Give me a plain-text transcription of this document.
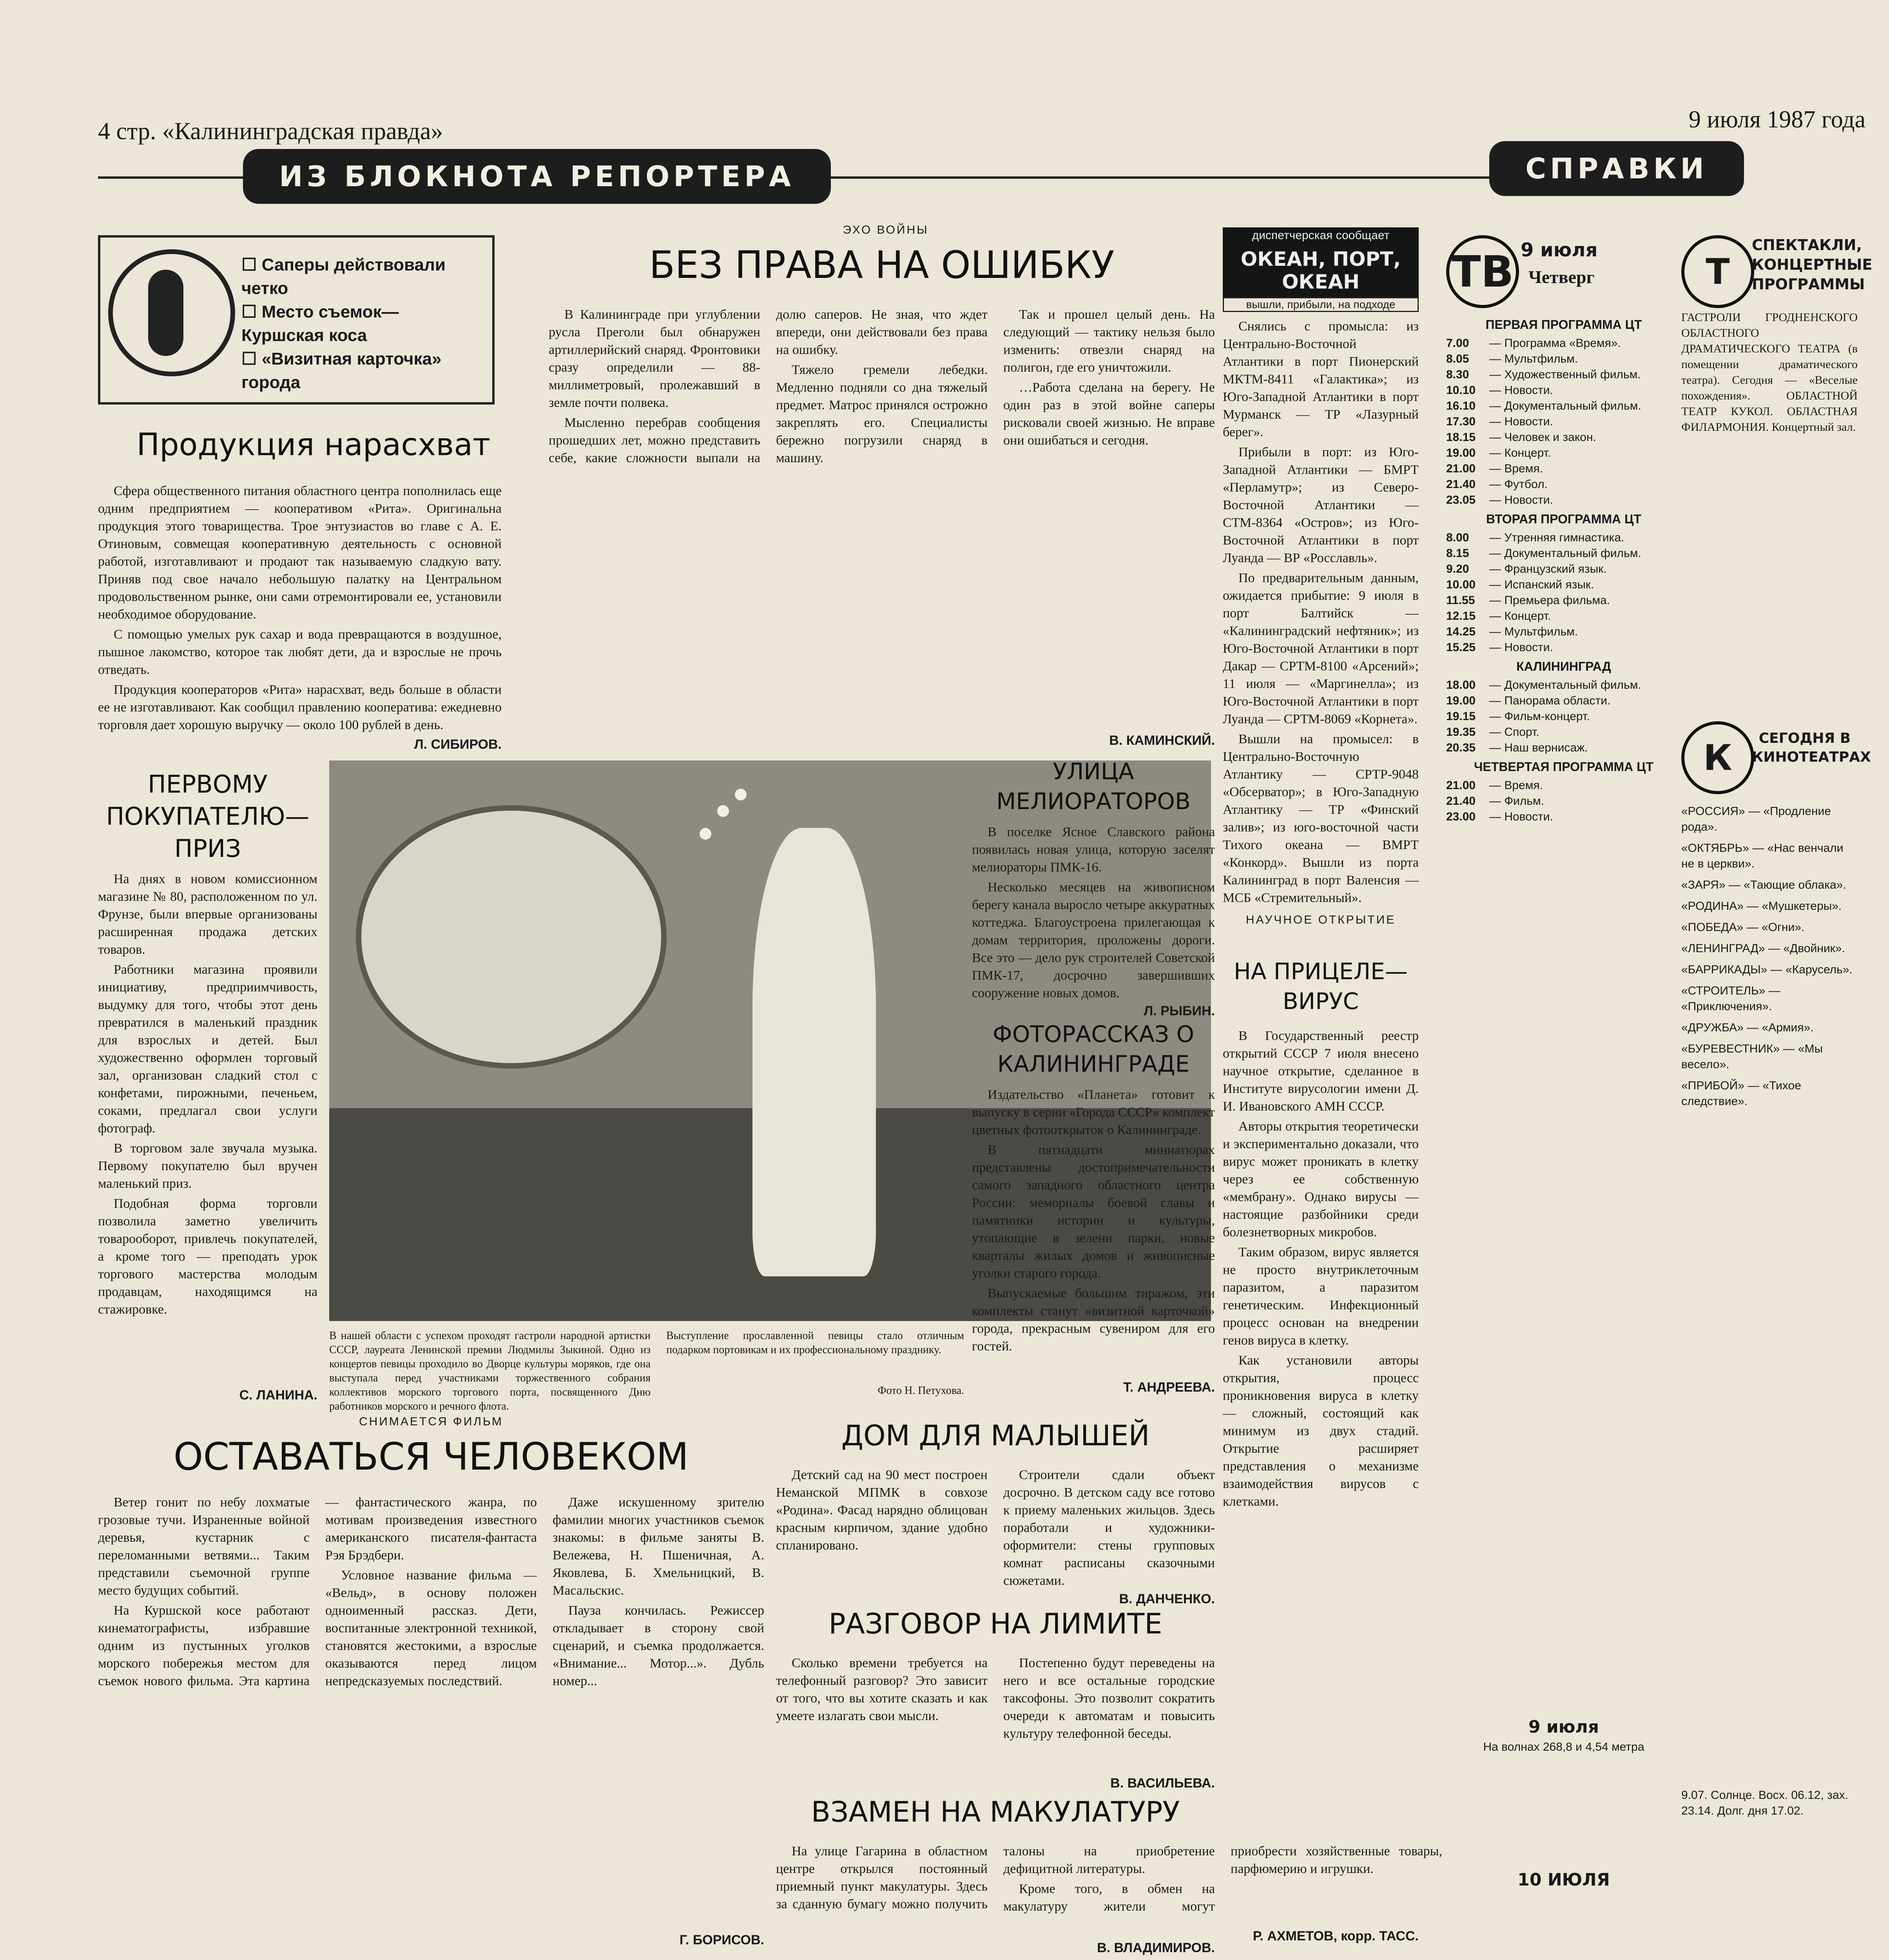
4 стр. «Калининградская правда»	9 июля 1987 года
ИЗ БЛОКНОТА РЕПОРТЕРА	СПРАВКИ
☐ Саперы действовали четко
☐ Место съемок— Куршская коса
☐ «Визитная карточка» города
Продукция нарасхват

Сфера общественного питания областного центра пополнилась еще одним предприятием — кооперативом «Рита». Оригинальна продукция этого товарищества. Трое энтузиастов во главе с А. Е. Отиновым, совмещая кооперативную деятельность с основной работой, изготавливают и продают так называемую сладкую вату. Приняв под свое начало небольшую палатку на Центральном продовольственном рынке, они сами отремонтировали ее, установили необходимое оборудование.

С помощью умелых рук сахар и вода превращаются в воздушное, пышное лакомство, которое так любят дети, да и взрослые не прочь отведать.

Продукция кооператоров «Рита» нарасхват, ведь больше в области ее не изготавливают. Как сообщил правлению кооператива: ежедневно торговля дает хорошую выручку — около 100 рублей в день.

Л. СИБИРОВ.
ЭХО ВОЙНЫ
БЕЗ ПРАВА НА ОШИБКУ

В Калининграде при углублении русла Преголи был обнаружен артиллерийский снаряд. Фронтовики сразу определили — 88-миллиметровый, пролежавший в земле почти полвека.

Мысленно перебрав сообщения прошедших лет, можно представить себе, какие сложности выпали на долю саперов. Не зная, что ждет впереди, они действовали без права на ошибку.

Тяжело гремели лебедки. Медленно подняли со дна тяжелый предмет. Матрос принялся острожно закреплять его. Специалисты бережно погрузили снаряд в машину.

Так и прошел целый день. На следующий — тактику нельзя было изменить: отвезли снаряд на полигон, где его уничтожили.

…Работа сделана на берегу. Не один раз в этой войне саперы рисковали своей жизнью. Не вправе они ошибаться и сегодня.

В. КАМИНСКИЙ.
диспетчерская сообщает
ОКЕАН, ПОРТ, ОКЕАН
вышли, прибыли, на подходе

Снялись с промысла: из Центрально-Восточной Атлантики в порт Пионерский МКТМ-8411 «Галактика»; из Юго-Западной Атлантики в порт Мурманск — ТР «Лазурный берег».

Прибыли в порт: из Юго-Западной Атлантики — БМРТ «Перламутр»; из Северо-Восточной Атлантики — СТМ-8364 «Остров»; из Юго-Восточной Атлантики в порт Луанда — ВР «Росславль».

По предварительным данным, ожидается прибытие: 9 июля в порт Балтийск — «Калининградский нефтяник»; из Юго-Восточной Атлантики в порт Дакар — СРТМ-8100 «Арсений»; 11 июля — «Маргинелла»; из Юго-Восточной Атлантики в порт Луанда — СРТМ-8069 «Корнета».

Вышли на промысел: в Центрально-Восточную Атлантику — СРТР-9048 «Обсерватор»; в Юго-Западную Атлантику — ТР «Финский залив»; из юго-восточной части Тихого океана — ВМРТ «Конкорд». Вышли из порта Калининград в порт Валенсия — МСБ «Стремительный».

ПЕРВОМУ ПОКУПАТЕЛЮ— ПРИЗ

На днях в новом комиссионном магазине № 80, расположенном по ул. Фрунзе, были впервые организованы расширенная продажа детских товаров.

Работники магазина проявили инициативу, предприимчивость, выдумку для того, чтобы этот день превратился в маленький праздник для взрослых и детей. Был художественно оформлен торговый зал, организован сладкий стол с конфетами, пирожными, печеньем, соками, предлагал свои услуги фотограф.

В торговом зале звучала музыка. Первому покупателю был вручен маленький приз.

Подобная форма торговли позволила заметно увеличить товарооборот, привлечь покупателей, а кроме того — преподать урок торгового мастерства молодым продавцам, находящимся на стажировке.

С. ЛАНИНА.
В нашей области с успехом проходят гастроли народной артистки СССР, лауреата Ленинской премии Людмилы Зыкиной. Одно из концертов певицы проходило во Дворце культуры моряков, где она выступала перед участниками торжественного собрания коллективов морского торгового порта, посвященного Дню работников морского и речного флота.
Выступление прославленной певицы стало отличным подарком портовикам и их профессиональному празднику.
Фото Н. Петухова.
УЛИЦА МЕЛИОРАТОРОВ

В поселке Ясное Славского района появилась новая улица, которую заселят мелиораторы ПМК-16.

Несколько месяцев на живописном берегу канала выросло четыре аккуратных коттеджа. Благоустроена прилегающая к домам территория, проложены дороги. Все это — дело рук строителей Советской ПМК-17, досрочно завершивших сооружение новых домов.

Л. РЫБИН.
ФОТОРАССКАЗ О КАЛИНИНГРАДЕ

Издательство «Планета» готовит к выпуску в серии «Города СССР» комплект цветных фотооткрыток о Калининграде.

В пятнадцати миниатюрах представлены достопримечательности самого западного областного центра России: мемориалы боевой славы и памятники истории и культуры, утопающие в зелени парки, новые кварталы жилых домов и живописные уголки старого города.

Выпускаемые большим тиражом, эти комплекты станут «визитной карточкой» города, прекрасным сувениром для его гостей.

Т. АНДРЕЕВА.
НАУЧНОЕ ОТКРЫТИЕ
НА ПРИЦЕЛЕ— ВИРУС

В Государственный реестр открытий СССР 7 июля внесено научное открытие, сделанное в Институте вирусологии имени Д. И. Ивановского АМН СССР.

Авторы открытия теоретически и экспериментально доказали, что вирус может проникать в клетку через ее собственную «мембрану». Однако вирусы — настоящие разбойники среди болезнетворных микробов.

Таким образом, вирус является не просто внутриклеточным паразитом, а паразитом генетическим. Инфекционный процесс основан на внедрении генов вируса в клетку.

Как установили авторы открытия, процесс проникновения вируса в клетку — сложный, состоящий как минимум из двух стадий. Открытие расширяет представления о механизме взаимодействия вирусов с клетками.

Р. АХМЕТОВ, корр. ТАСС.
СНИМАЕТСЯ ФИЛЬМ
ОСТАВАТЬСЯ ЧЕЛОВЕКОМ

Ветер гонит по небу лохматые грозовые тучи. Израненные войной деревья, кустарник с переломанными ветвями... Таким представили съемочной группе место будущих событий.

На Куршской косе работают кинематографисты, избравшие одним из пустынных уголков морского побережья местом для съемок нового фильма. Эта картина — фантастического жанра, по мотивам произведения известного американского писателя-фантаста Рэя Брэдбери.

Условное название фильма — «Вельд», в основу положен одноименный рассказ. Дети, воспитанные электронной техникой, становятся жестокими, а взрослые оказываются перед лицом непредсказуемых последствий.

Даже искушенному зрителю фамилии многих участников съемок знакомы: в фильме заняты В. Вележева, Н. Пшеничная, А. Яковлева, Б. Хмельницкий, В. Масальскис.

Пауза кончилась. Режиссер откладывает в сторону свой сценарий, и съемка продолжается. «Внимание... Мотор...». Дубль номер...

Г. БОРИСОВ.
ДОМ ДЛЯ МАЛЫШЕЙ

Детский сад на 90 мест построен Неманской МПМК в совхозе «Родина». Фасад нарядно облицован красным кирпичом, здание удобно спланировано.

Строители сдали объект досрочно. В детском саду все готово к приему маленьких жильцов. Здесь поработали и художники-оформители: стены групповых комнат расписаны сказочными сюжетами.

В. ДАНЧЕНКО.
РАЗГОВОР НА ЛИМИТЕ

Сколько времени требуется на телефонный разговор? Это зависит от того, что вы хотите сказать и как умеете излагать свои мысли.

Постепенно будут переведены на него и все остальные городские таксофоны. Это позволит сократить очереди к автоматам и повысить культуру телефонной беседы.

В. ВАСИЛЬЕВА.
ВЗАМЕН НА МАКУЛАТУРУ

На улице Гагарина в областном центре открылся постоянный приемный пункт макулатуры. Здесь за сданную бумагу можно получить талоны на приобретение дефицитной литературы.

Кроме того, в обмен на макулатуру жители могут приобрести хозяйственные товары, парфюмерию и игрушки.

В. ВЛАДИМИРОВ.
ТВ 9 июля
Четверг
ПЕРВАЯ ПРОГРАММА ЦТ
7.00	— Программа «Время».
8.05	— Мультфильм.
8.30	— Художественный фильм.
10.10	— Новости.
16.10	— Документальный фильм.
17.30	— Новости.
18.15	— Человек и закон.
19.00	— Концерт.
21.00	— Время.
21.40	— Футбол.
23.05	— Новости.
ВТОРАЯ ПРОГРАММА ЦТ
8.00	— Утренняя гимнастика.
8.15	— Документальный фильм.
9.20	— Французский язык.
10.00	— Испанский язык.
11.55	— Премьера фильма.
12.15	— Концерт.
14.25	— Мультфильм.
15.25	— Новости.
КАЛИНИНГРАД
18.00	— Документальный фильм.
19.00	— Панорама области.
19.15	— Фильм-концерт.
19.35	— Спорт.
20.35	— Наш вернисаж.
ЧЕТВЕРТАЯ ПРОГРАММА ЦТ
21.00	— Время.
21.40	— Фильм.
23.00	— Новости.
9 июля
На волнах 268,8 и 4,54 метра
10 ИЮЛЯ
Т
СПЕКТАКЛИ, КОНЦЕРТНЫЕ ПРОГРАММЫ
ГАСТРОЛИ ГРОДНЕНСКОГО ОБЛАСТНОГО ДРАМАТИЧЕСКОГО ТЕАТРА (в помещении драматического театра). Сегодня — «Веселые похождения». ОБЛАСТНОЙ ТЕАТР КУКОЛ. ОБЛАСТНАЯ ФИЛАРМОНИЯ. Концертный зал.
К	СЕГОДНЯ В КИНОТЕАТРАХ
«РОССИЯ» — «Продление рода».
«ОКТЯБРЬ» — «Нас венчали не в церкви».
«ЗАРЯ» — «Тающие облака».
«РОДИНА» — «Мушкетеры».
«ПОБЕДА» — «Огни».
«ЛЕНИНГРАД» — «Двойник».
«БАРРИКАДЫ» — «Карусель».
«СТРОИТЕЛЬ» — «Приключения».
«ДРУЖБА» — «Армия».
«БУРЕВЕСТНИК» — «Мы весело».
«ПРИБОЙ» — «Тихое следствие».
9.07. Солнце. Восх. 06.12, зах. 23.14. Долг. дня 17.02.
